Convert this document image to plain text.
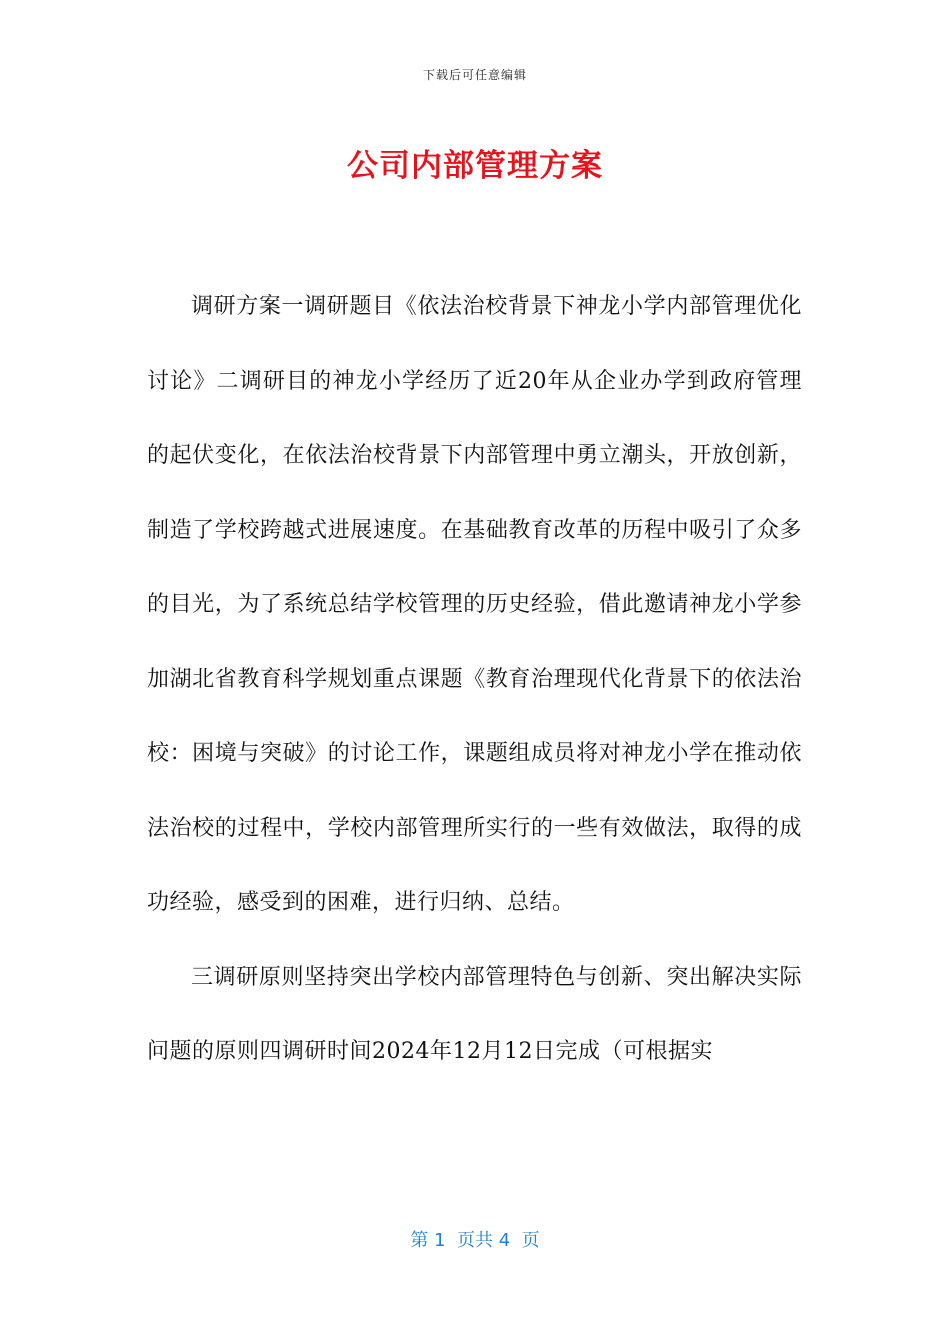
下载后可任意编辑
公司内部管理方案

调研方案一调研题目《依法治校背景下神龙小学内部管理优化讨论》二调研目的神龙小学经历了近20年从企业办学到政府管理的起伏变化，在依法治校背景下内部管理中勇立潮头，开放创新，制造了学校跨越式进展速度。在基础教育改革的历程中吸引了众多的目光，为了系统总结学校管理的历史经验，借此邀请神龙小学参加湖北省教育科学规划重点课题《教育治理现代化背景下的依法治校：困境与突破》的讨论工作，课题组成员将对神龙小学在推动依法治校的过程中，学校内部管理所实行的一些有效做法，取得的成功经验，感受到的困难，进行归纳、总结。

三调研原则坚持突出学校内部管理特色与创新、突出解决实际问题的原则四调研时间2024年12月12日完成（可根据实

第 1  页共 4  页
